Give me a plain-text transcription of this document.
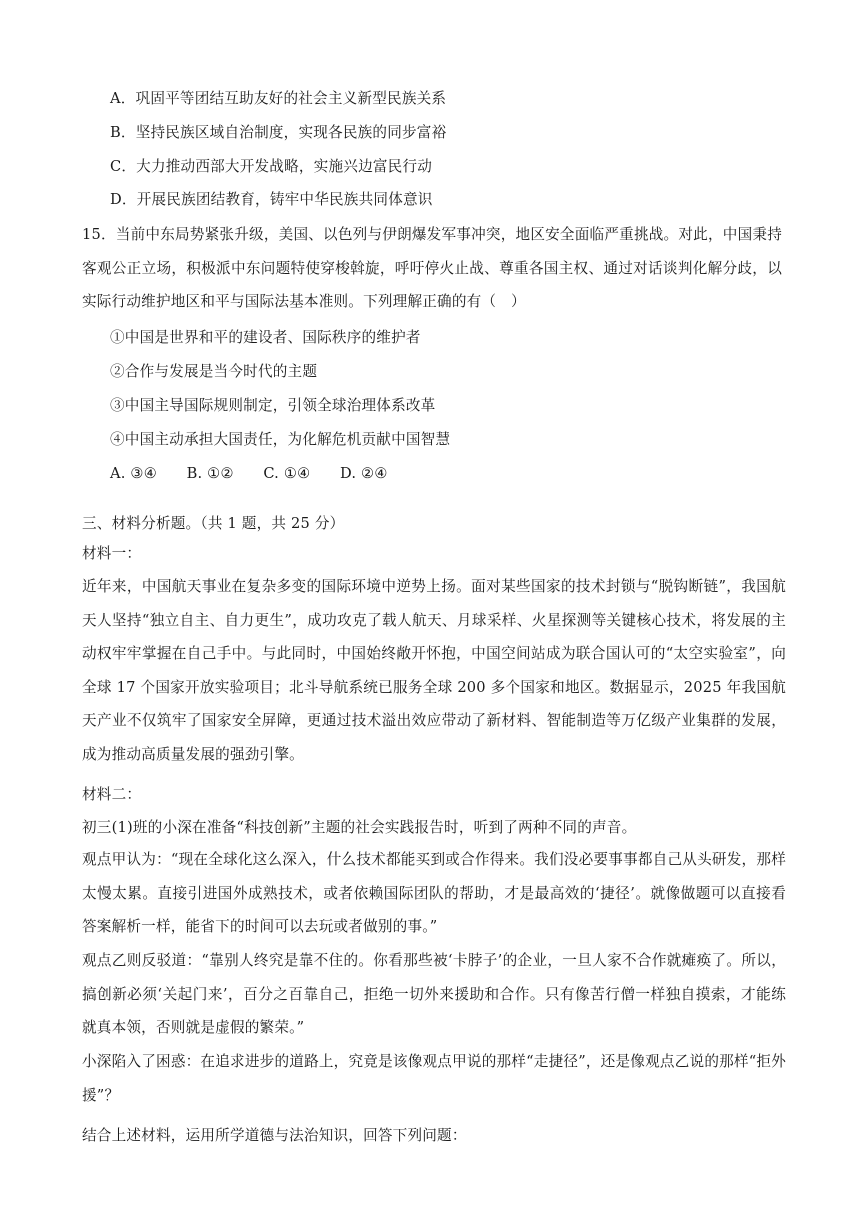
A．巩固平等团结互助友好的社会主义新型民族关系
B．坚持民族区域自治制度，实现各民族的同步富裕
C．大力推动西部大开发战略，实施兴边富民行动
D．开展民族团结教育，铸牢中华民族共同体意识
15．当前中东局势紧张升级，美国、以色列与伊朗爆发军事冲突，地区安全面临严重挑战。对此，中国秉持客观公正立场，积极派中东问题特使穿梭斡旋，呼吁停火止战、尊重各国主权、通过对话谈判化解分歧，以实际行动维护地区和平与国际法基本准则。下列理解正确的有（　）
①中国是世界和平的建设者、国际秩序的维护者
②合作与发展是当今时代的主题
③中国主导国际规则制定，引领全球治理体系改革
④中国主动承担大国责任，为化解危机贡献中国智慧
A. ③④　　B. ①②　　C. ①④　　D. ②④
三、材料分析题。（共 1 题，共 25 分）
材料一：
近年来，中国航天事业在复杂多变的国际环境中逆势上扬。面对某些国家的技术封锁与“脱钩断链”，我国航天人坚持“独立自主、自力更生”，成功攻克了载人航天、月球采样、火星探测等关键核心技术，将发展的主动权牢牢掌握在自己手中。与此同时，中国始终敞开怀抱，中国空间站成为联合国认可的“太空实验室”，向全球 17 个国家开放实验项目；北斗导航系统已服务全球 200 多个国家和地区。数据显示，2025 年我国航天产业不仅筑牢了国家安全屏障，更通过技术溢出效应带动了新材料、智能制造等万亿级产业集群的发展，成为推动高质量发展的强劲引擎。
材料二：
初三(1)班的小深在准备“科技创新”主题的社会实践报告时，听到了两种不同的声音。
观点甲认为：“现在全球化这么深入，什么技术都能买到或合作得来。我们没必要事事都自己从头研发，那样太慢太累。直接引进国外成熟技术，或者依赖国际团队的帮助，才是最高效的‘捷径’。就像做题可以直接看答案解析一样，能省下的时间可以去玩或者做别的事。”
观点乙则反驳道：“靠别人终究是靠不住的。你看那些被‘卡脖子’的企业，一旦人家不合作就瘫痪了。所以，搞创新必须‘关起门来’，百分之百靠自己，拒绝一切外来援助和合作。只有像苦行僧一样独自摸索，才能练就真本领，否则就是虚假的繁荣。”
小深陷入了困惑：在追求进步的道路上，究竟是该像观点甲说的那样“走捷径”，还是像观点乙说的那样“拒外援”？
结合上述材料，运用所学道德与法治知识，回答下列问题：
